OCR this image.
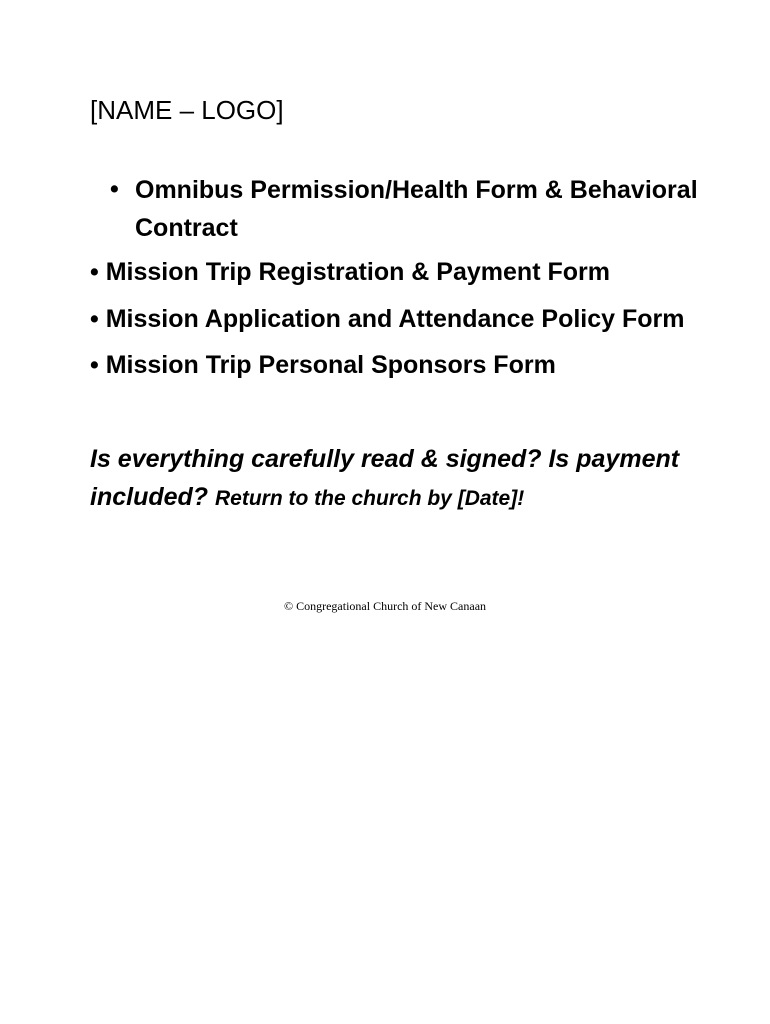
[NAME – LOGO]
• Omnibus Permission/Health Form & Behavioral Contract
• Mission Trip Registration & Payment Form
• Mission Application and Attendance Policy Form
• Mission Trip Personal Sponsors Form
Is everything carefully read & signed? Is payment included? Return to the church by [Date]!
© Congregational Church of New Canaan
